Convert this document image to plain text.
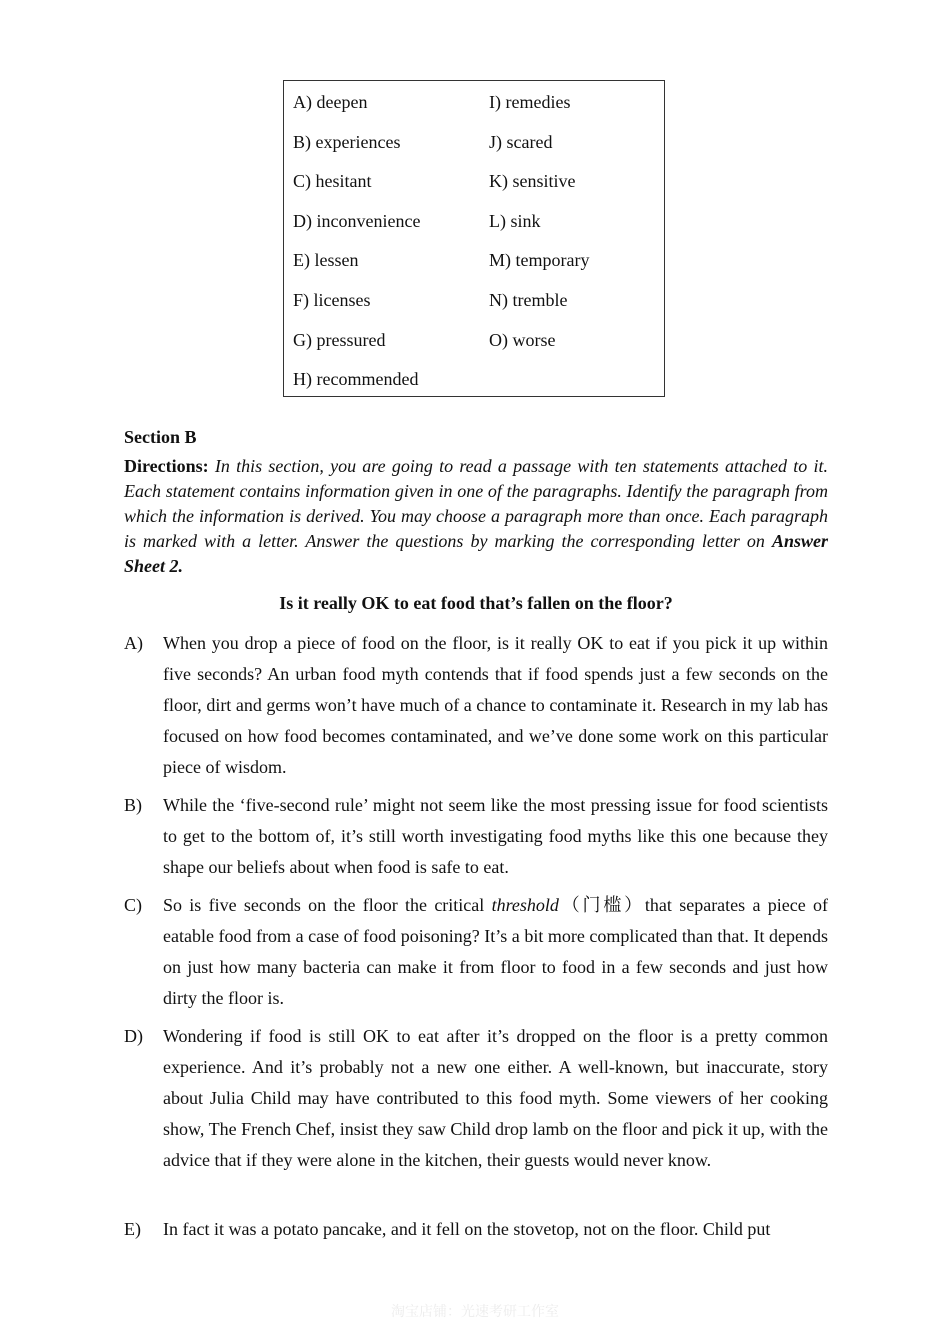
A) deepen
B) experiences
C) hesitant
D) inconvenience
E) lessen
F) licenses
G) pressured
H) recommended
I) remedies
J) scared
K) sensitive
L) sink
M) temporary
N) tremble
O) worse
Section B

Directions: In this section, you are going to read a passage with ten statements attached to it. Each statement contains information given in one of the paragraphs. Identify the paragraph from which the information is derived. You may choose a paragraph more than once. Each paragraph is marked with a letter. Answer the questions by marking the corresponding letter on Answer Sheet 2.

Is it really OK to eat food that’s fallen on the floor?
A) When you drop a piece of food on the floor, is it really OK to eat if you pick it up within five seconds? An urban food myth contends that if food spends just a few seconds on the floor, dirt and germs won’t have much of a chance to contaminate it. Research in my lab has focused on how food becomes contaminated, and we’ve done some work on this particular piece of wisdom.

B) While the ‘five-second rule’ might not seem like the most pressing issue for food scientists to get to the bottom of, it’s still worth investigating food myths like this one because they shape our beliefs about when food is safe to eat.

C) So is five seconds on the floor the critical threshold（门槛）that separates a piece of eatable food from a case of food poisoning? It’s a bit more complicated than that. It depends on just how many bacteria can make it from floor to food in a few seconds and just how dirty the floor is.

D) Wondering if food is still OK to eat after it’s dropped on the floor is a pretty common experience. And it’s probably not a new one either. A well-known, but inaccurate, story about Julia Child may have contributed to this food myth. Some viewers of her cooking show, The French Chef, insist they saw Child drop lamb on the floor and pick it up, with the advice that if they were alone in the kitchen, their guests would never know.

E) In fact it was a potato pancake, and it fell on the stovetop, not on the floor. Child put

淘宝店铺：光速考研工作室
